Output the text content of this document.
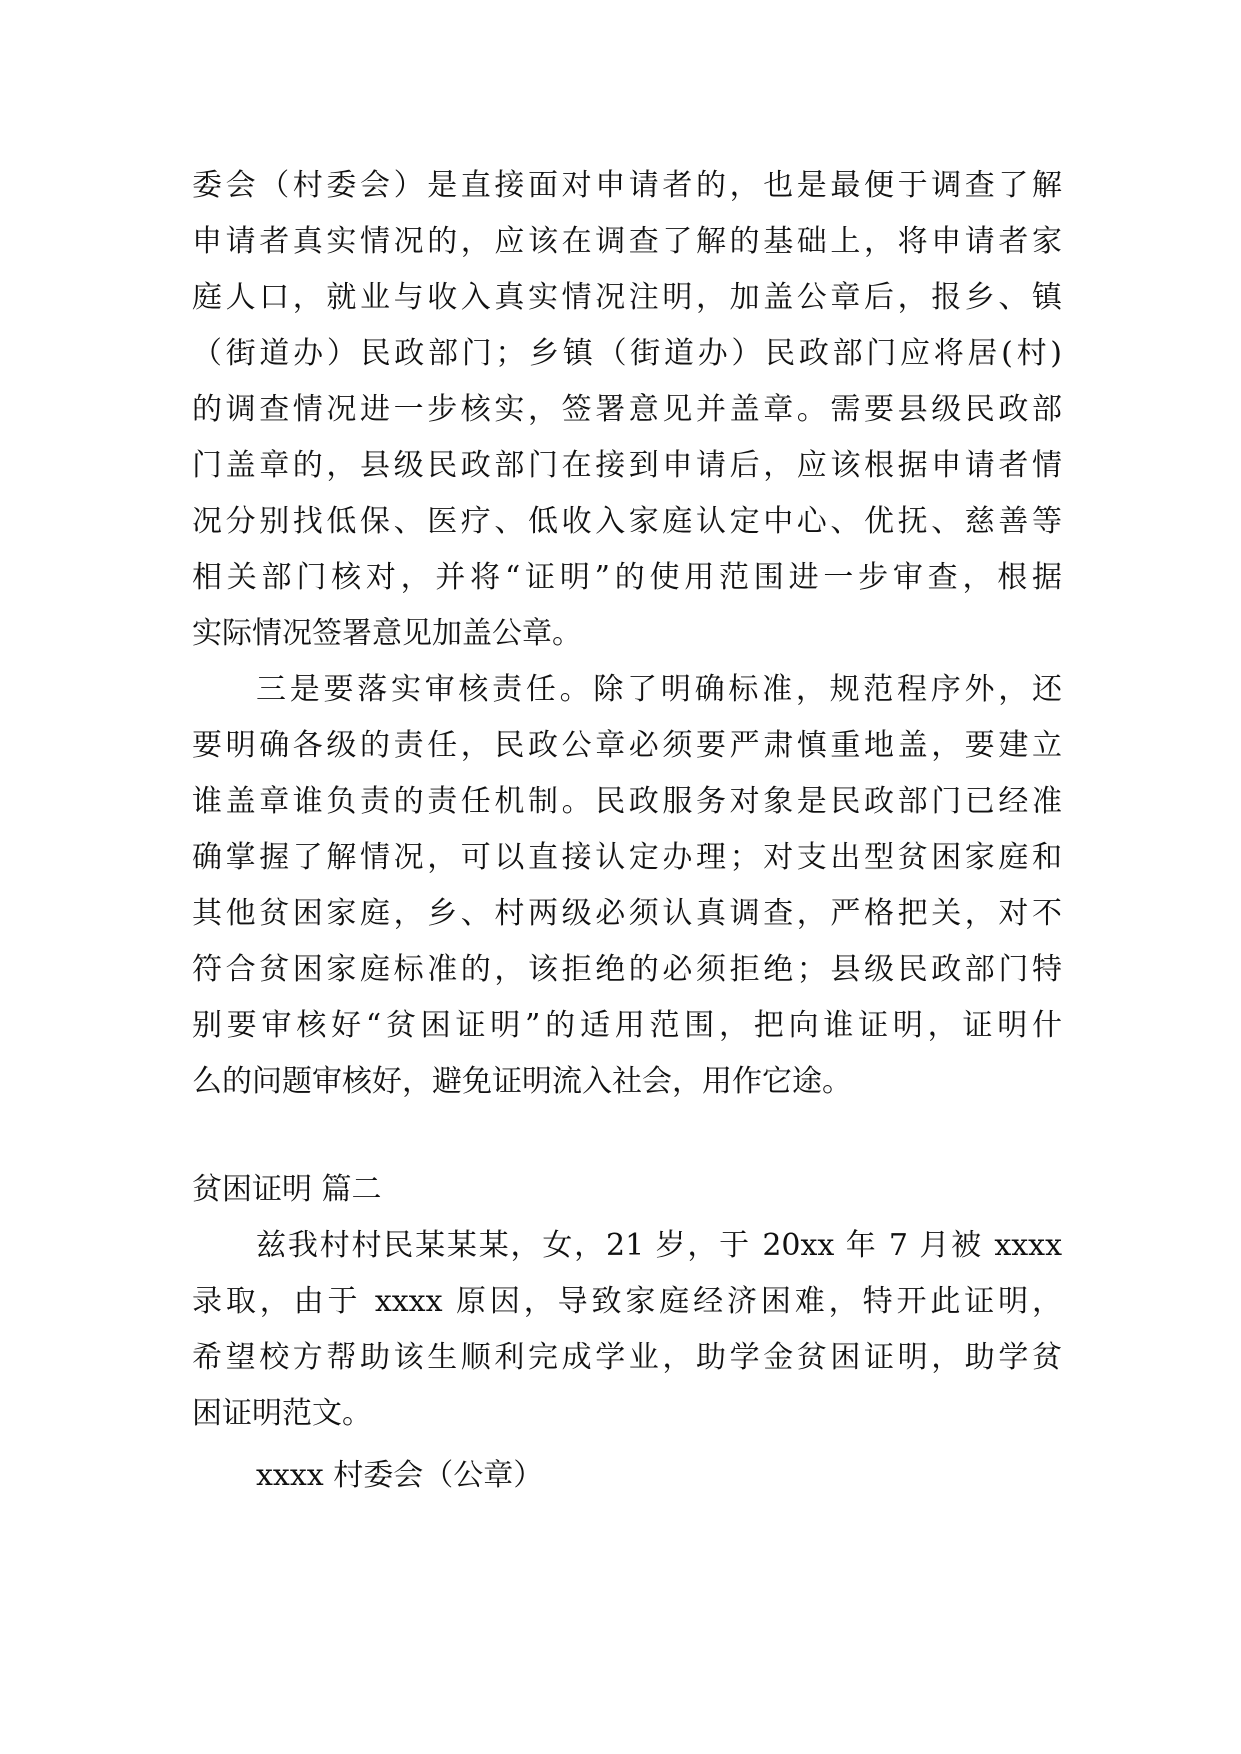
委会（村委会）是直接面对申请者的，也是最便于调查了解
申请者真实情况的，应该在调查了解的基础上，将申请者家
庭人口，就业与收入真实情况注明，加盖公章后，报乡、镇
（街道办）民政部门；乡镇（街道办）民政部门应将居(村)
的调查情况进一步核实，签署意见并盖章。需要县级民政部
门盖章的，县级民政部门在接到申请后，应该根据申请者情
况分别找低保、医疗、低收入家庭认定中心、优抚、慈善等
相关部门核对，并将“证明”的使用范围进一步审查，根据
实际情况签署意见加盖公章。
三是要落实审核责任。除了明确标准，规范程序外，还
要明确各级的责任，民政公章必须要严肃慎重地盖，要建立
谁盖章谁负责的责任机制。民政服务对象是民政部门已经准
确掌握了解情况，可以直接认定办理；对支出型贫困家庭和
其他贫困家庭，乡、村两级必须认真调查，严格把关，对不
符合贫困家庭标准的，该拒绝的必须拒绝；县级民政部门特
别要审核好“贫困证明”的适用范围，把向谁证明，证明什
么的问题审核好，避免证明流入社会，用作它途。
贫困证明 篇二
兹我村村民某某某，女，21 岁，于 20xx 年 7 月被 xxxx
录取，由于 xxxx 原因，导致家庭经济困难，特开此证明，
希望校方帮助该生顺利完成学业，助学金贫困证明，助学贫
困证明范文。
xxxx 村委会（公章）
